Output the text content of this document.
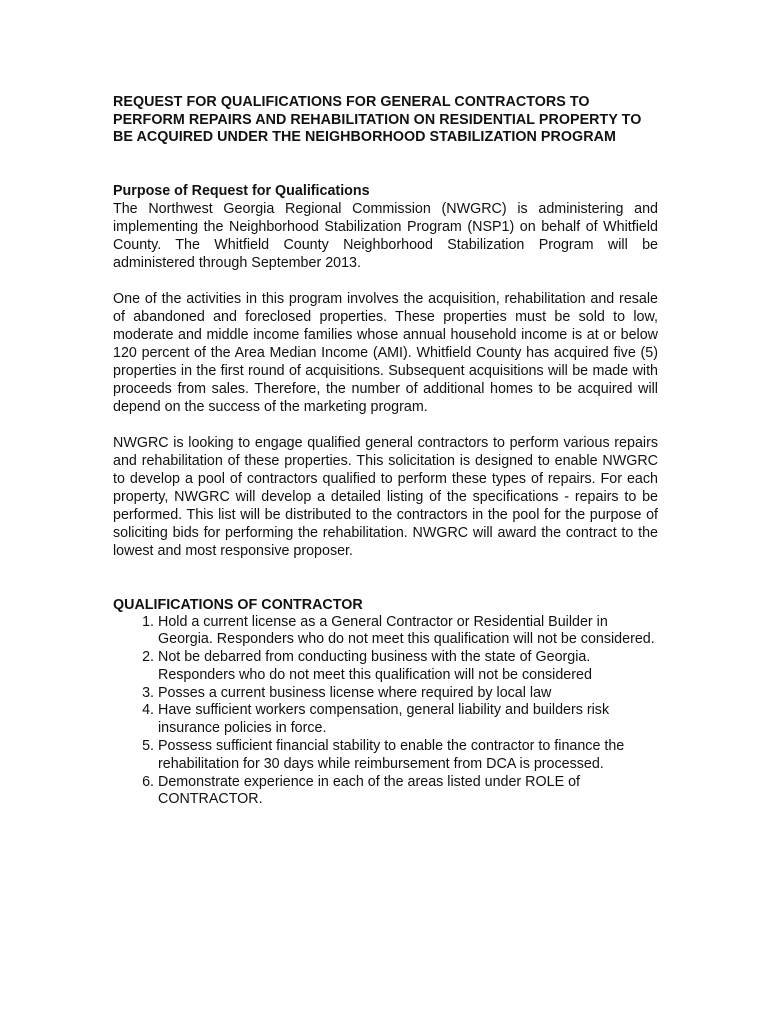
REQUEST FOR QUALIFICATIONS FOR GENERAL CONTRACTORS TO PERFORM REPAIRS AND REHABILITATION ON RESIDENTIAL PROPERTY TO BE ACQUIRED UNDER THE NEIGHBORHOOD STABILIZATION PROGRAM
Purpose of Request for Qualifications

The Northwest Georgia Regional Commission (NWGRC) is administering and implementing the Neighborhood Stabilization Program (NSP1) on behalf of Whitfield County. The Whitfield County Neighborhood Stabilization Program will be administered through September 2013.

One of the activities in this program involves the acquisition, rehabilitation and resale of abandoned and foreclosed properties. These properties must be sold to low, moderate and middle income families whose annual household income is at or below 120 percent of the Area Median Income (AMI). Whitfield County has acquired five (5) properties in the first round of acquisitions. Subsequent acquisitions will be made with proceeds from sales. Therefore, the number of additional homes to be acquired will depend on the success of the marketing program.

NWGRC is looking to engage qualified general contractors to perform various repairs and rehabilitation of these properties. This solicitation is designed to enable NWGRC to develop a pool of contractors qualified to perform these types of repairs. For each property, NWGRC will develop a detailed listing of the specifications - repairs to be performed. This list will be distributed to the contractors in the pool for the purpose of soliciting bids for performing the rehabilitation. NWGRC will award the contract to the lowest and most responsive proposer.

QUALIFICATIONS OF CONTRACTOR
1. Hold a current license as a General Contractor or Residential Builder in Georgia. Responders who do not meet this qualification will not be considered.
2. Not be debarred from conducting business with the state of Georgia. Responders who do not meet this qualification will not be considered
3. Posses a current business license where required by local law
4. Have sufficient workers compensation, general liability and builders risk insurance policies in force.
5. Possess sufficient financial stability to enable the contractor to finance the rehabilitation for 30 days while reimbursement from DCA is processed.
6. Demonstrate experience in each of the areas listed under ROLE of CONTRACTOR.
